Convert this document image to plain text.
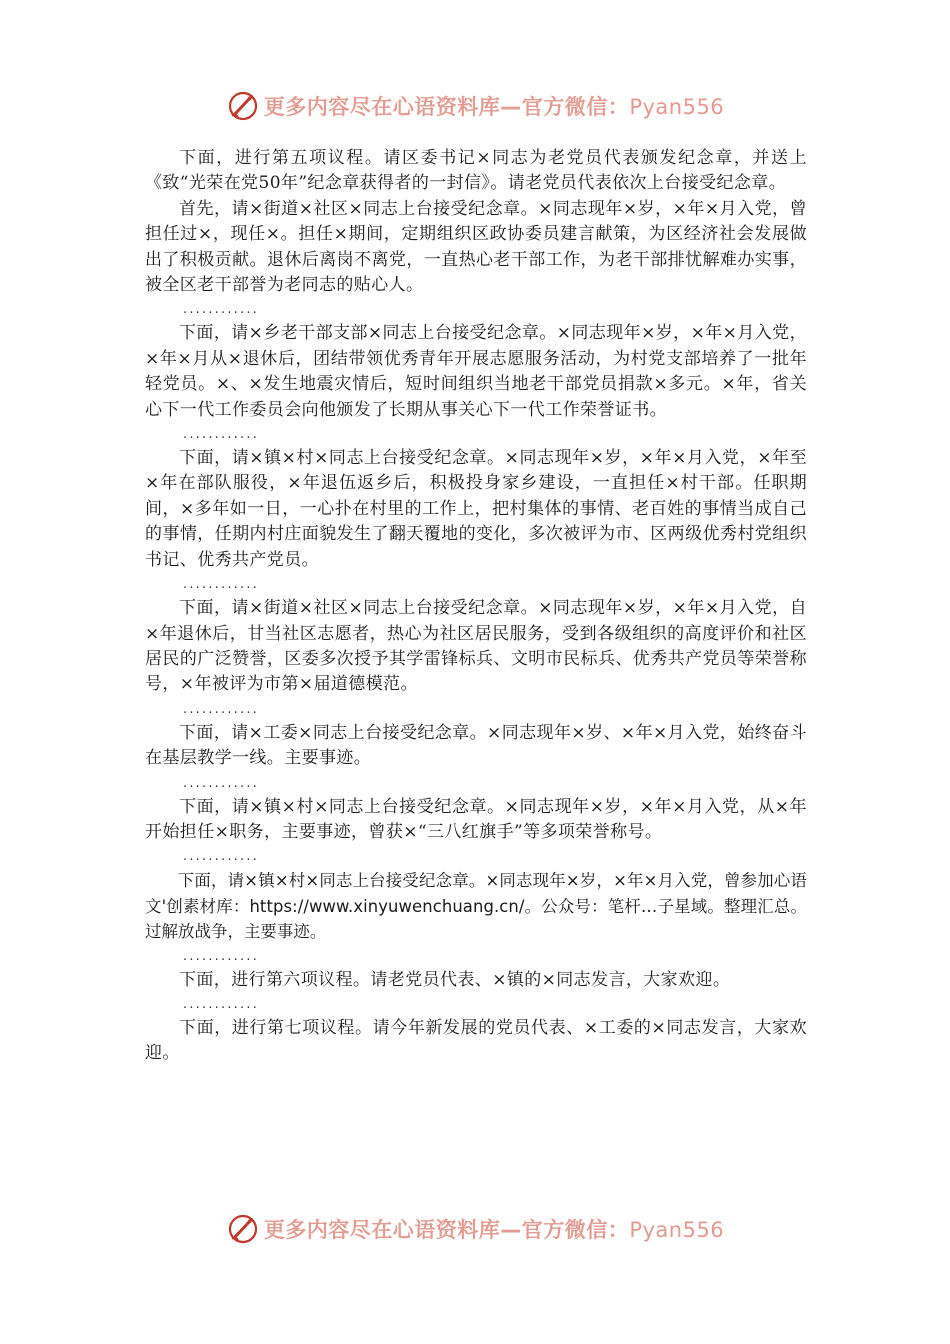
更多内容尽在心语资料库—官方微信：Pyan556

下面，进行第五项议程。请区委书记×同志为老党员代表颁发纪念章，并送上《致“光荣在党50年”纪念章获得者的一封信》。请老党员代表依次上台接受纪念章。

首先，请×街道×社区×同志上台接受纪念章。×同志现年×岁，×年×月入党，曾担任过×，现任×。担任×期间，定期组织区政协委员建言献策，为区经济社会发展做出了积极贡献。退休后离岗不离党，一直热心老干部工作，为老干部排忧解难办实事，被全区老干部誉为老同志的贴心人。

............

下面，请×乡老干部支部×同志上台接受纪念章。×同志现年×岁，×年×月入党，×年×月从×退休后，团结带领优秀青年开展志愿服务活动，为村党支部培养了一批年轻党员。×、×发生地震灾情后，短时间组织当地老干部党员捐款×多元。×年，省关心下一代工作委员会向他颁发了长期从事关心下一代工作荣誉证书。

............

下面，请×镇×村×同志上台接受纪念章。×同志现年×岁，×年×月入党，×年至×年在部队服役，×年退伍返乡后，积极投身家乡建设，一直担任×村干部。任职期间，×多年如一日，一心扑在村里的工作上，把村集体的事情、老百姓的事情当成自己的事情，任期内村庄面貌发生了翻天覆地的变化，多次被评为市、区两级优秀村党组织书记、优秀共产党员。

............

下面，请×街道×社区×同志上台接受纪念章。×同志现年×岁，×年×月入党，自×年退休后，甘当社区志愿者，热心为社区居民服务，受到各级组织的高度评价和社区居民的广泛赞誉，区委多次授予其学雷锋标兵、文明市民标兵、优秀共产党员等荣誉称号，×年被评为市第×届道德模范。

............

下面，请×工委×同志上台接受纪念章。×同志现年×岁、×年×月入党，始终奋斗在基层教学一线。主要事迹。

............

下面，请×镇×村×同志上台接受纪念章。×同志现年×岁，×年×月入党，从×年开始担任×职务，主要事迹，曾获×“三八红旗手”等多项荣誉称号。

............

下面，请×镇×村×同志上台接受纪念章。×同志现年×岁，×年×月入党，曾参加心语文'创素材库：https://www.xinyuwenchuang.cn/。公众号：笔杆…子星域。整理汇总。过解放战争，主要事迹。

............

下面，进行第六项议程。请老党员代表、×镇的×同志发言，大家欢迎。

............

下面，进行第七项议程。请今年新发展的党员代表、×工委的×同志发言，大家欢迎。

更多内容尽在心语资料库—官方微信：Pyan556
